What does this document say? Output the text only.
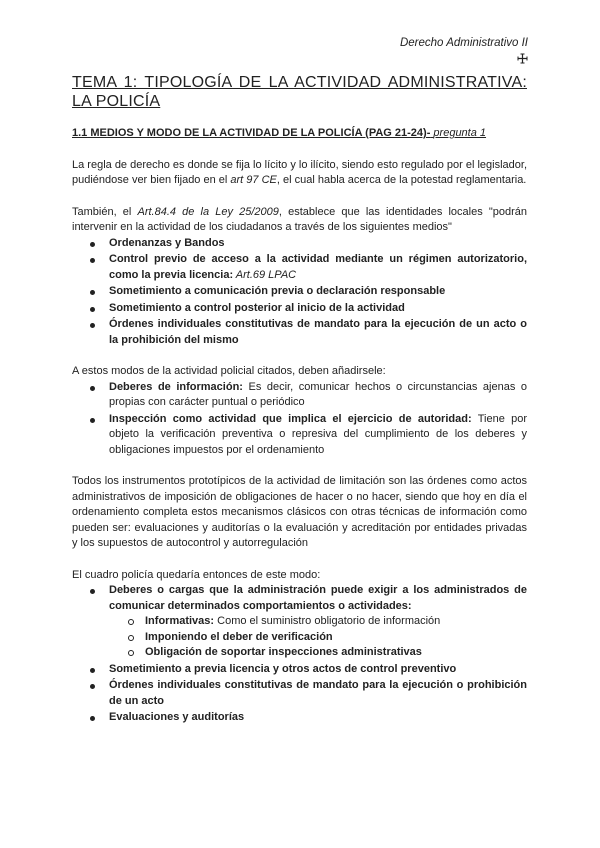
Derecho Administrativo II
TEMA 1: TIPOLOGÍA DE LA ACTIVIDAD ADMINISTRATIVA: LA POLICÍA
1.1 MEDIOS Y MODO DE LA ACTIVIDAD DE LA POLICÍA (PAG 21-24)- pregunta 1

La regla de derecho es donde se fija lo lícito y lo ilícito, siendo esto regulado por el legislador, pudiéndose ver bien fijado en el art 97 CE, el cual habla acerca de la potestad reglamentaria.

También, el Art.84.4 de la Ley 25/2009, establece que las identidades locales "podrán intervenir en la actividad de los ciudadanos a través de los siguientes medios"

Ordenanzas y Bandos
Control previo de acceso a la actividad mediante un régimen autorizatorio, como la previa licencia: Art.69 LPAC
Sometimiento a comunicación previa o declaración responsable
Sometimiento a control posterior al inicio de la actividad
Órdenes individuales constitutivas de mandato para la ejecución de un acto o la prohibición del mismo

A estos modos de la actividad policial citados, deben añadirsele:

Deberes de información: Es decir, comunicar hechos o circunstancias ajenas o propias con carácter puntual o periódico
Inspección como actividad que implica el ejercicio de autoridad: Tiene por objeto la verificación preventiva o represiva del cumplimiento de los deberes y obligaciones impuestos por el ordenamiento

Todos los instrumentos prototípicos de la actividad de limitación son las órdenes como actos administrativos de imposición de obligaciones de hacer o no hacer, siendo que hoy en día el ordenamiento completa estos mecanismos clásicos con otras técnicas de información como pueden ser: evaluaciones y auditorías o la evaluación y acreditación por entidades privadas y los supuestos de autocontrol y autorregulación

El cuadro policía quedaría entonces de este modo:

Deberes o cargas que la administración puede exigir a los administrados de comunicar determinados comportamientos o actividades:
Informativas: Como el suministro obligatorio de información
Imponiendo el deber de verificación
Obligación de soportar inspecciones administrativas
Sometimiento a previa licencia y otros actos de control preventivo
Órdenes individuales constitutivas de mandato para la ejecución o prohibición de un acto
Evaluaciones y auditorías
